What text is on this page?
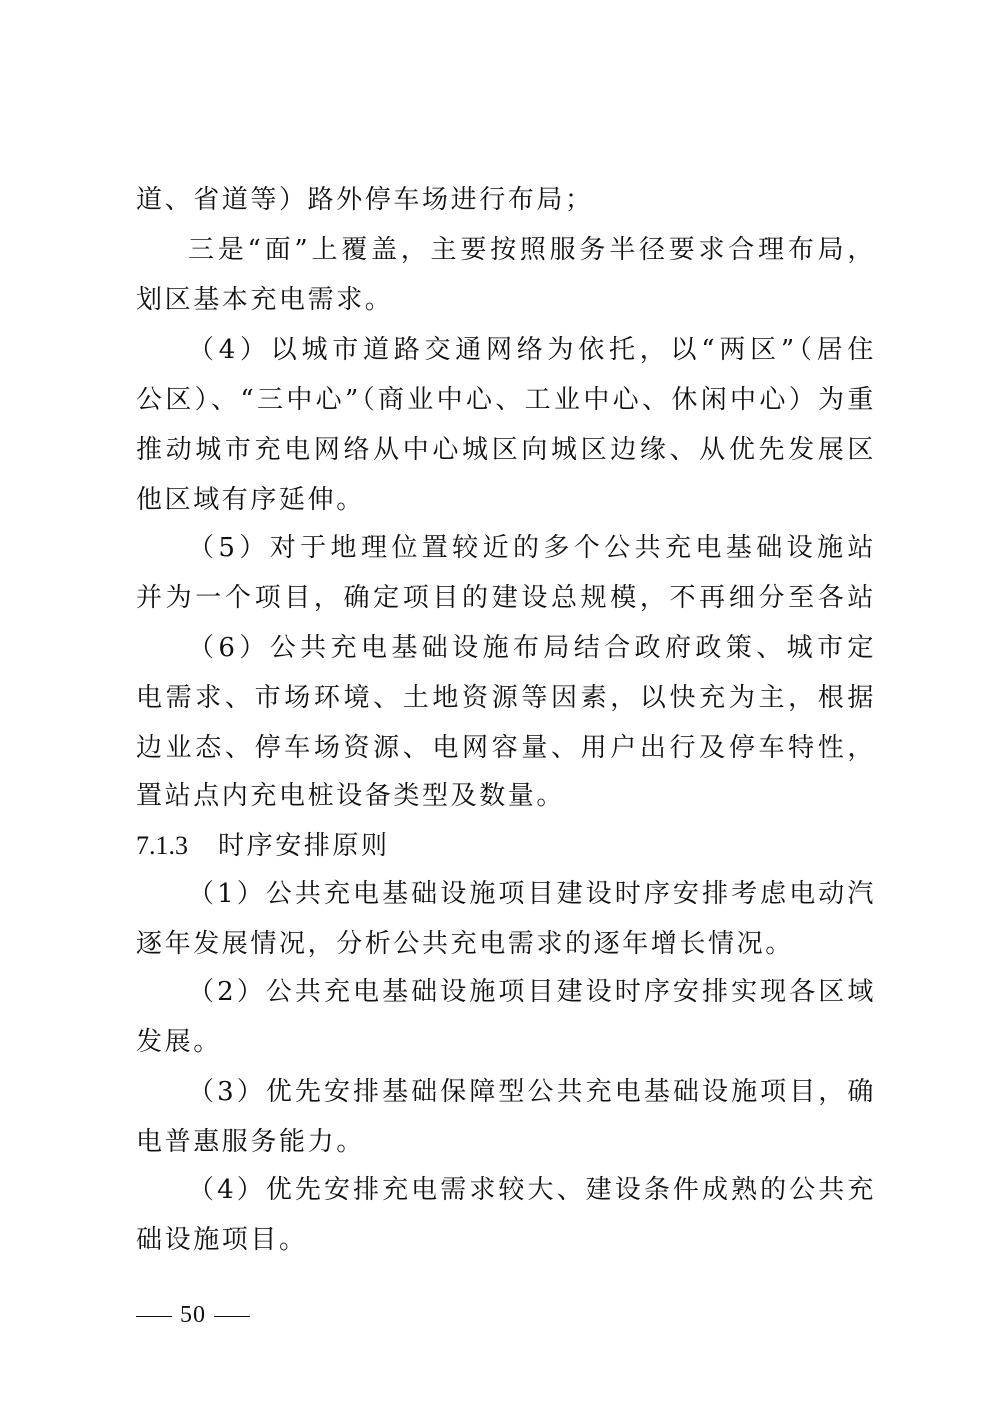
道、省道等）路外停车场进行布局；
三是“面”上覆盖，主要按照服务半径要求合理布局，
划区基本充电需求。
（4）以城市道路交通网络为依托，以“两区”（居住
公区）、“三中心”（商业中心、工业中心、休闲中心）为重
推动城市充电网络从中心城区向城区边缘、从优先发展区
他区域有序延伸。
（5）对于地理位置较近的多个公共充电基础设施站
并为一个项目，确定项目的建设总规模，不再细分至各站
（6）公共充电基础设施布局结合政府政策、城市定
电需求、市场环境、土地资源等因素，以快充为主，根据
边业态、停车场资源、电网容量、用户出行及停车特性，
置站点内充电桩设备类型及数量。
7.1.3 时序安排原则
（1）公共充电基础设施项目建设时序安排考虑电动汽
逐年发展情况，分析公共充电需求的逐年增长情况。
（2）公共充电基础设施项目建设时序安排实现各区域
发展。
（3）优先安排基础保障型公共充电基础设施项目，确
电普惠服务能力。
（4）优先安排充电需求较大、建设条件成熟的公共充
础设施项目。
50
